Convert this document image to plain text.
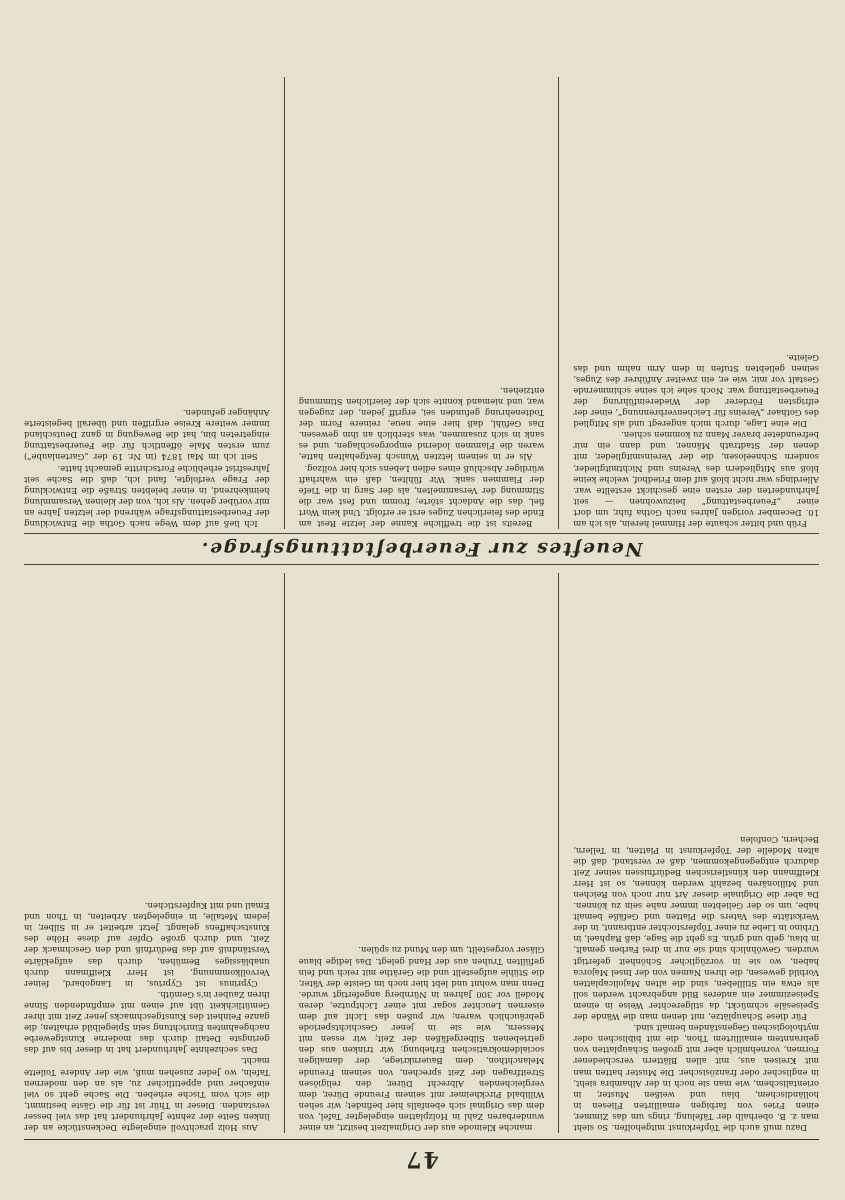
47

Dazu muß auch die Töpferkunst mitgeholfen. So sieht man z. B. oberhalb der Täfelung, rings um das Zimmer, einen Fries von farbigen emaillirten Fliesen in holländischem, blau und weißen Muster, in orientalischem, wie man sie noch in der Alhambra sieht, in englischer oder französischer. Die Muster hatten man mit Kreisen aus, mit allen Blättern verschiedener Formen, vornehmlich aber mit großen Schauplatten von gebranntem emaillirtem Thon, die mit biblischen oder mythologischen Gegenständen bemalt sind.

Für diese Schauplätze, mit denen man die Wände der Speisesäle schmückt, da stilgerechter Weise in einem Speisezimmer ein anderes Bild angebracht werden soll als etwa ein Stillleben, sind die alten Majolicaplatten Vorbild gewesen, die ihren Namen von der Insel Majorca haben, wo sie in vorzüglicher Schönheit gefertigt wurden. Gewöhnlich sind sie nur in drei Farben gemalt, in blau, gelb und grün. Es geht die Sage, daß Raphael, in Urbino in Liebe zu einer Töpferstochter entbrannt, in der Werkstätte des Vaters die Platten und Gefäße bemalt habe, um so der Geliebten immer nahe sein zu können. Da aber die Originale dieser Art nur noch von Reichen und Millionären bezahlt werden können, so ist Herr Kleiffmann den künstlerischen Bedürfnissen seiner Zeit dadurch entgegengekommen, daß er verstand, daß die alten Modelle der Töpferkunst in Platten, in Tellern, Bechern, Confolen

manche Kleinode aus der Originalzeit besitzt, an einer wunderbaren Zahl in Holzplatten eingelegter Tafel, von dem das Original sich ebenfalls hier befindet; wir sehen Willibald Pirckheimer mit seinem Freunde Dürer, dem vergleichenden Albrecht Dürer, den religiösen Streitfragen der Zeit sprechen, von seinem Freunde Melanchthon, dem Bauernkriege, der damaligen socialdemokratischen Erhebung; wir trinken aus den getriebenen Silbergefäßen der Zeit; wir essen mit Messern, wie sie in jener Geschichtsperiode gebräuchlich waren; wir pußen das Licht auf dem eisernen Leuchter sogar mit einer Lichtputze, deren Modell vor 300 Jahren in Nürnberg angefertigt wurde. Denn man wohnt und lebt hier noch im Geiste der Väter, die Stühle aufgestellt und die Geräthe mit reich und fein gefüllten Truhen aus der Hand gelegt. Das ledige blaue Gläser vorgestellt, um den Mund zu spülen.

Aus Holz prachtvoll eingelegte Deckenstücke an der linken Seite der zehnte Jahrhundert hat das viel besser verstanden. Dieser in Thür ist für die Gäste bestimmt, die sich vom Tische erheben. Die Sache geht so viel einfacher und appetitlicher zu, als an den modernen Tafeln, wo Jeder zusehen muß, wie der Andere Toilette macht.

Das sechzehnte Jahrhundert hat in dieser bis auf das geringste Detail durch das moderne Kunstgewerbe nachgeahmten Einrichtung sein Spiegelbild erhalten; die ganze Feinheit des Kunstgeschmacks jener Zeit mit ihrer Gemütlichkeit übt auf einen mit empfindenden Sinne ihren Zauber in's Gemüth.

Cyprinus ist Cyprius, in Langobard, feiner Vervollkommnung, ist Herr Kleiffmann durch unablässiges Bemühen, durch das aufgeklärte Verständniß auf das Bedürfniß und den Geschmack der Zeit, und durch große Opfer auf diese Höhe des Kunstschaffens gelangt. Jetzt arbeitet er in Silber, in jedem Metalle, in eingelegten Arbeiten, in Thon und Email und mit Kupferstichen.

Neueftes zur Feuerbeſtattungsfrage.

Früh und bitter schaute der Himmel herein, als ich am 10. December vorigen Jahres nach Gotha fuhr, um dort einer „Feuerbestattung“ beizuwohnen — seit Jahrhunderten der ersten eine geschickt erstellte war. Allerdings war nicht bloß auf dem Friedhof, welche keine bloß aus Mitgliedern des Vereins und Nichtmitglieder, sondern Schneelosen, die der Vereinsmitglieder, mit denen der Stadtrath Männer, und dann ein mir befreundeter braver Mann zu kommen schien.

Die eine Lage, durch mich angeregt und als Mitglied des Gothaer „Vereins für Leichenverbrennung“, einer der eifrigsten Förderer der Wiedereinführung der Feuerbestattung war. Noch sehe ich seine schimmernde Gestalt vor mir, wie er, ein zweiter Anführer des Zuges, seinen geliebten Stufen in dem Arm nahm und das Geleite.

Bereits ist die treffliche Kanne der letzte Rest am Ende des feierlichen Zuges erst er erfolgt. Und kein Wort fiel, das die Andacht störte; fromm und fest war die Stimmung der Versammelten, als der Sarg in die Tiefe der Flammen sank. Wir fühlten, daß ein wahrhaft würdiger Abschluß eines edlen Lebens sich hier vollzog.

Als er in seinem letzten Wunsch festgehalten hatte, waren die Flammen lodernd emporgeschlagen, und es sank in sich zusammen, was sterblich an ihm gewesen. Das Gefühl, daß hier eine neue, reinere Form der Todtenehrung gefunden sei, ergriff jeden, der zugegen war, und niemand konnte sich der feierlichen Stimmung entziehen.

Ich ließ auf dem Wege nach Gotha die Entwicklung der Feuerbestattungsfrage während der letzten Jahre an mir vorüber gehen. Als ich, von der kleinen Versammlung heimkehrend, in einer belebten Straße die Entwicklung der Frage verfolgte, fand ich, daß die Sache seit Jahresfrist erhebliche Fortschritte gemacht hatte.

Seit ich im Mai 1874 (in Nr. 19 der „Gartenlaube“) zum ersten Male öffentlich für die Feuerbestattung eingetreten bin, hat die Bewegung in ganz Deutschland immer weitere Kreise ergriffen und überall begeisterte Anhänger gefunden.
